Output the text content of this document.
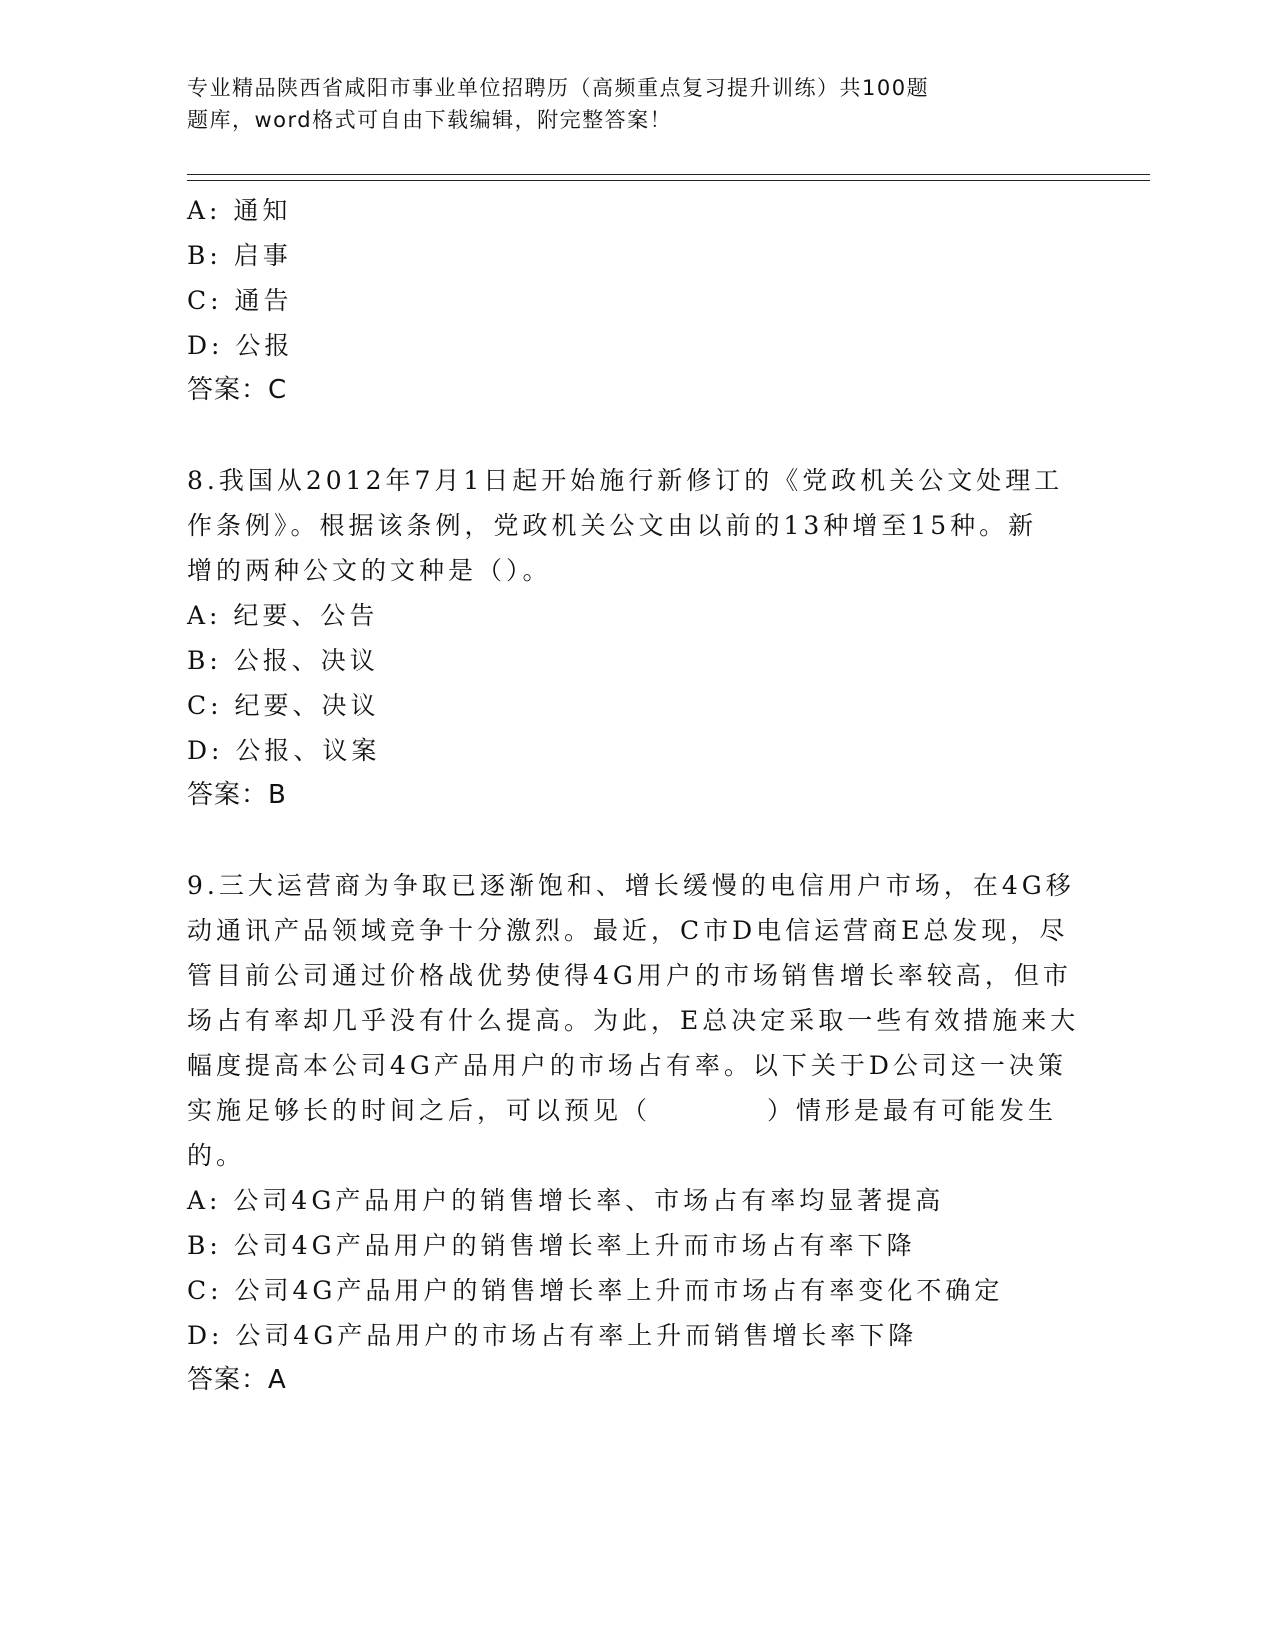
专业精品陕西省咸阳市事业单位招聘历（高频重点复习提升训练）共100题
题库，word格式可自由下载编辑，附完整答案！
A: 通知
B: 启事
C: 通告
D: 公报
答案：C
8.我国从2012年7月1日起开始施行新修订的《党政机关公文处理工
作条例》。根据该条例，党政机关公文由以前的13种增至15种。新
增的两种公文的文种是（）。
A: 纪要、公告
B: 公报、决议
C: 纪要、决议
D: 公报、议案
答案：B
9.三大运营商为争取已逐渐饱和、增长缓慢的电信用户市场，在4G移
动通讯产品领域竞争十分激烈。最近，C市D电信运营商E总发现，尽
管目前公司通过价格战优势使得4G用户的市场销售增长率较高，但市
场占有率却几乎没有什么提高。为此，E总决定采取一些有效措施来大
幅度提高本公司4G产品用户的市场占有率。以下关于D公司这一决策
实施足够长的时间之后，可以预见（　　　　）情形是最有可能发生
的。
A: 公司4G产品用户的销售增长率、市场占有率均显著提高
B: 公司4G产品用户的销售增长率上升而市场占有率下降
C: 公司4G产品用户的销售增长率上升而市场占有率变化不确定
D: 公司4G产品用户的市场占有率上升而销售增长率下降
答案：A
